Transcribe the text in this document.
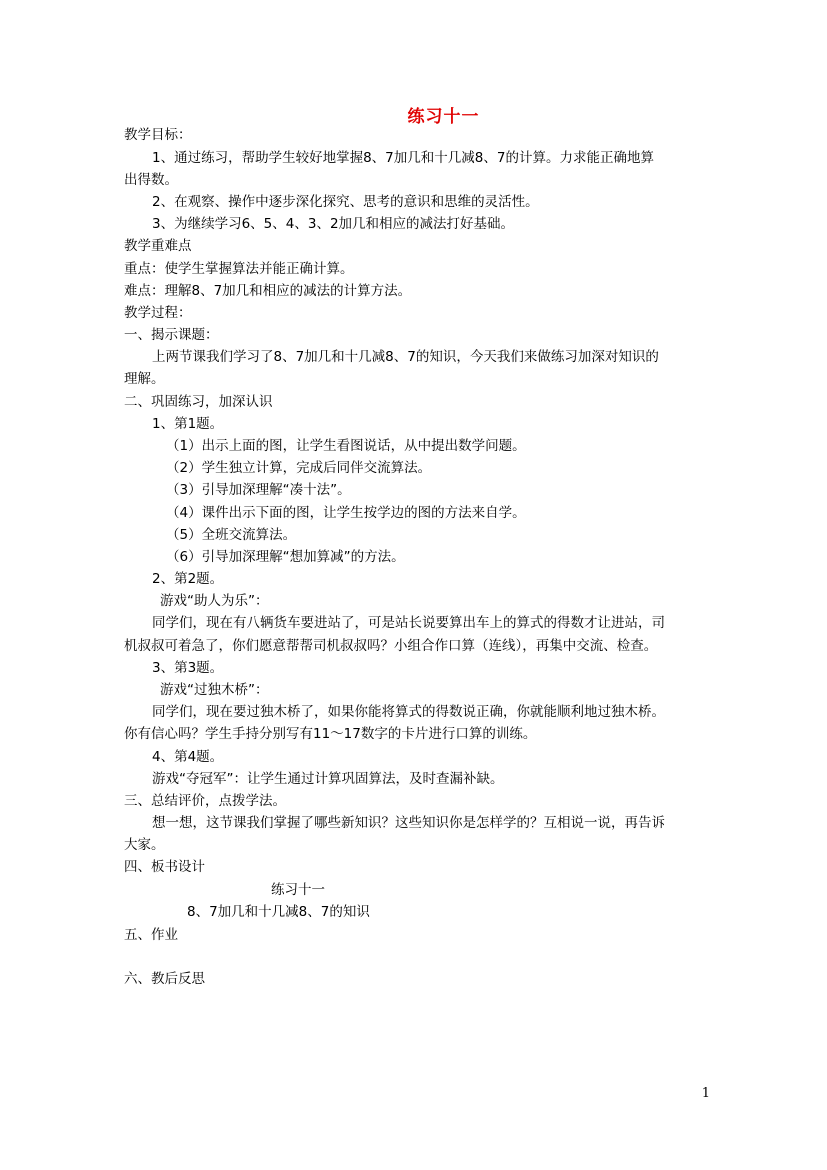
练习十一
教学目标：
1、通过练习，帮助学生较好地掌握8、7加几和十几减8、7的计算。力求能正确地算
出得数。
2、在观察、操作中逐步深化探究、思考的意识和思维的灵活性。
3、为继续学习6、5、4、3、2加几和相应的减法打好基础。
教学重难点
重点：使学生掌握算法并能正确计算。
难点：理解8、7加几和相应的减法的计算方法。
教学过程：
一、揭示课题：
上两节课我们学习了8、7加几和十几减8、7的知识，今天我们来做练习加深对知识的
理解。
二、巩固练习，加深认识
1、第1题。
（1）出示上面的图，让学生看图说话，从中提出数学问题。
（2）学生独立计算，完成后同伴交流算法。
（3）引导加深理解“凑十法”。
（4）课件出示下面的图，让学生按学边的图的方法来自学。
（5）全班交流算法。
（6）引导加深理解“想加算减”的方法。
2、第2题。
游戏“助人为乐”：
同学们，现在有八辆货车要进站了，可是站长说要算出车上的算式的得数才让进站，司
机叔叔可着急了，你们愿意帮帮司机叔叔吗？小组合作口算（连线），再集中交流、检查。
3、第3题。
游戏“过独木桥”：
同学们，现在要过独木桥了，如果你能将算式的得数说正确，你就能顺利地过独木桥。
你有信心吗？学生手持分别写有11～17数字的卡片进行口算的训练。
4、第4题。
游戏“夺冠军”：让学生通过计算巩固算法，及时查漏补缺。
三、总结评价，点拨学法。
想一想，这节课我们掌握了哪些新知识？这些知识你是怎样学的？互相说一说，再告诉
大家。
四、板书设计
练习十一
8、7加几和十几减8、7的知识
五、作业
六、教后反思
1
